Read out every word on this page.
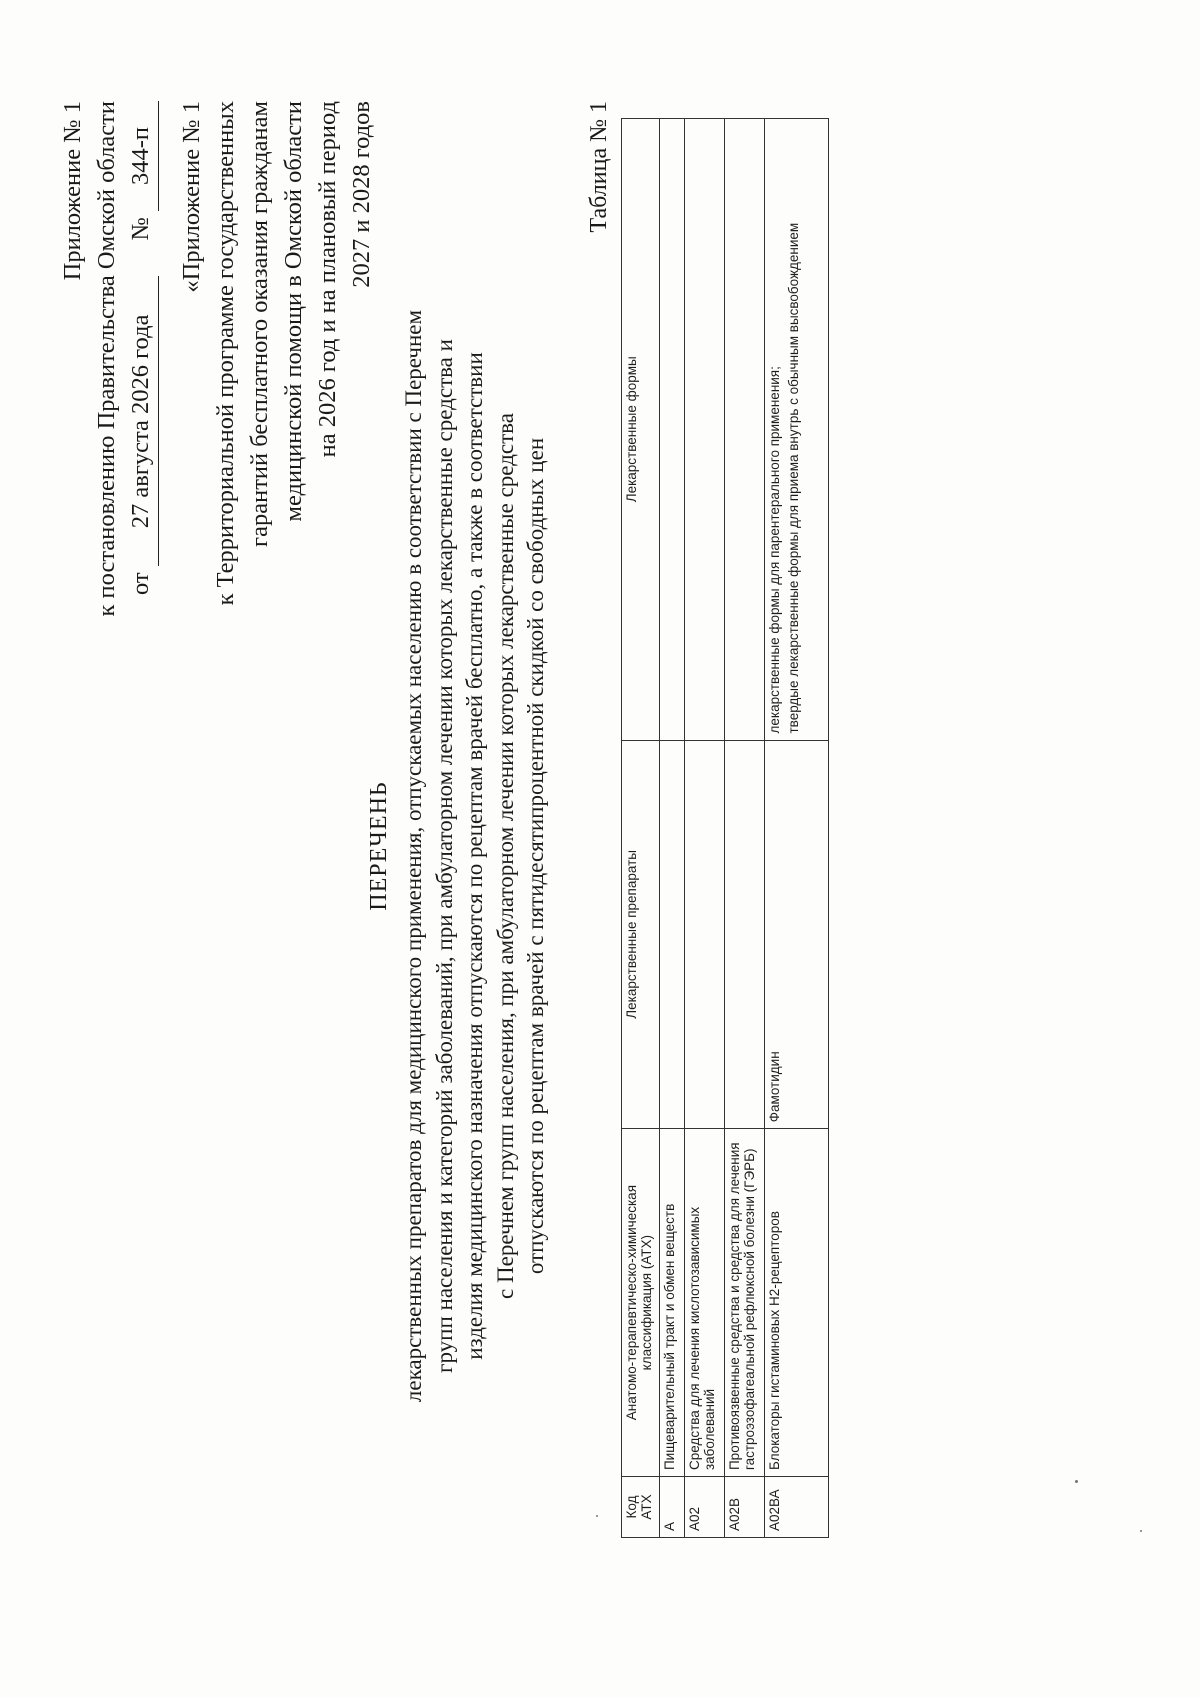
Приложение № 1 к постановлению Правительства Омской области от
27 августа 2026 года
№
344-п «Приложение № 1 к Территориальной программе государственных гарантий бесплатного оказания гражданам медицинской помощи в Омской области на 2026 год и на плановый период 2027 и 2028 годов
ПЕРЕЧЕНЬ лекарственных препаратов для медицинского применения, отпускаемых населению в соответствии с Перечнем групп населения и категорий заболеваний, при амбулаторном лечении которых лекарственные средства и изделия медицинского назначения отпускаются по рецептам врачей бесплатно, а также в соответствии с Перечнем групп населения, при амбулаторном лечении которых лекарственные средства отпускаются по рецептам врачей с пятидесятипроцентной скидкой со свободных цен
Таблица № 1
Код АТХ	Анатомо-терапевтическо-химическая классификация (АТХ)	Лекарственные препараты	Лекарственные формы
А	Пищеварительный тракт и обмен веществ		
А02	Средства для лечения кислотозависимых заболеваний		
А02В	Противоязвенные средства и средства для лечения гастроэзофагеальной рефлюксной болезни (ГЭРБ)		
А02ВА	Блокаторы гистаминовых Н2-рецепторов	Фамотидин	лекарственные формы для парентерального применения; твердые лекарственные формы для приема внутрь с обычным высвобождением
